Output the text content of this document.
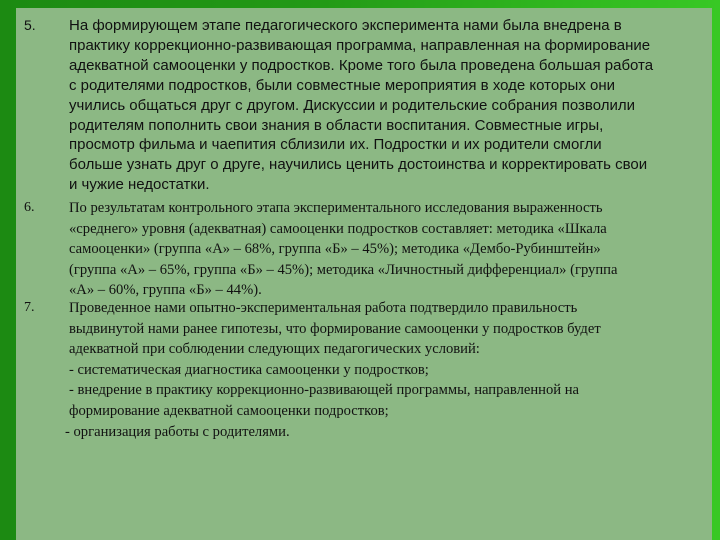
5. На формирующем этапе педагогического эксперимента нами была внедрена в
практику коррекционно-развивающая программа, направленная на формирование
адекватной самооценки у подростков. Кроме того была проведена большая работа
с родителями подростков, были совместные мероприятия в ходе которых они
учились общаться друг с другом. Дискуссии и родительские собрания позволили
родителям пополнить свои знания в области воспитания. Совместные игры,
просмотр фильма и чаепития сблизили их. Подростки и их родители смогли
больше узнать друг о друге, научились ценить достоинства и корректировать свои
и чужие недостатки.
6. По результатам контрольного этапа экспериментального исследования выраженность
«среднего» уровня (адекватная) самооценки подростков составляет: методика «Шкала
самооценки» (группа «А» – 68%, группа «Б» – 45%); методика «Дембо-Рубинштейн»
(группа «А» – 65%, группа «Б» – 45%); методика «Личностный дифференциал» (группа
«А» – 60%, группа «Б» – 44%).
7. Проведенное нами опытно-экспериментальная работа подтвердило правильность
выдвинутой нами ранее гипотезы, что формирование самооценки у подростков будет
адекватной при соблюдении следующих педагогических условий:
- систематическая диагностика самооценки у подростков;
- внедрение в практику коррекционно-развивающей программы, направленной на
формирование адекватной самооценки подростков;
- организация работы с родителями.
